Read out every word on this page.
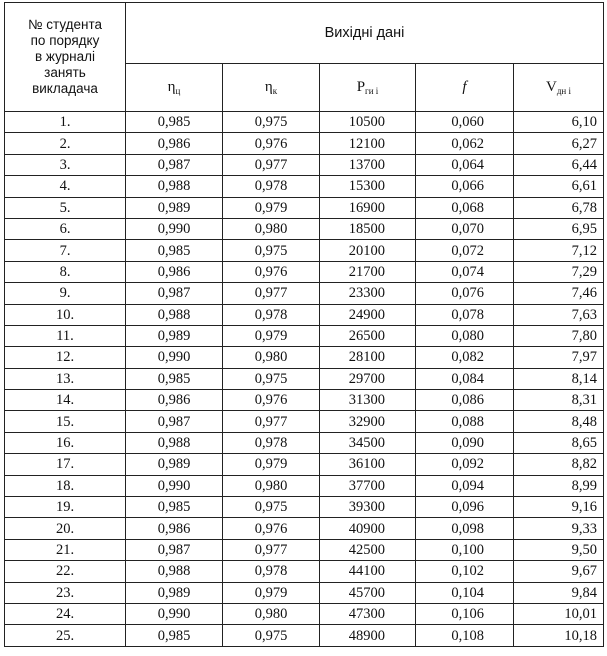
№ студента
по порядку
в журналі
занять
викладача	Вихідні дані				
	$\eta_ц$	$\eta_к$	$P_{ги і}$	f	$V_{дн і}$
1.	0,985	0,975	10500	0,060	6,10
2.	0,986	0,976	12100	0,062	6,27
3.	0,987	0,977	13700	0,064	6,44
4.	0,988	0,978	15300	0,066	6,61
5.	0,989	0,979	16900	0,068	6,78
6.	0,990	0,980	18500	0,070	6,95
7.	0,985	0,975	20100	0,072	7,12
8.	0,986	0,976	21700	0,074	7,29
9.	0,987	0,977	23300	0,076	7,46
10.	0,988	0,978	24900	0,078	7,63
11.	0,989	0,979	26500	0,080	7,80
12.	0,990	0,980	28100	0,082	7,97
13.	0,985	0,975	29700	0,084	8,14
14.	0,986	0,976	31300	0,086	8,31
15.	0,987	0,977	32900	0,088	8,48
16.	0,988	0,978	34500	0,090	8,65
17.	0,989	0,979	36100	0,092	8,82
18.	0,990	0,980	37700	0,094	8,99
19.	0,985	0,975	39300	0,096	9,16
20.	0,986	0,976	40900	0,098	9,33
21.	0,987	0,977	42500	0,100	9,50
22.	0,988	0,978	44100	0,102	9,67
23.	0,989	0,979	45700	0,104	9,84
24.	0,990	0,980	47300	0,106	10,01
25.	0,985	0,975	48900	0,108	10,18
